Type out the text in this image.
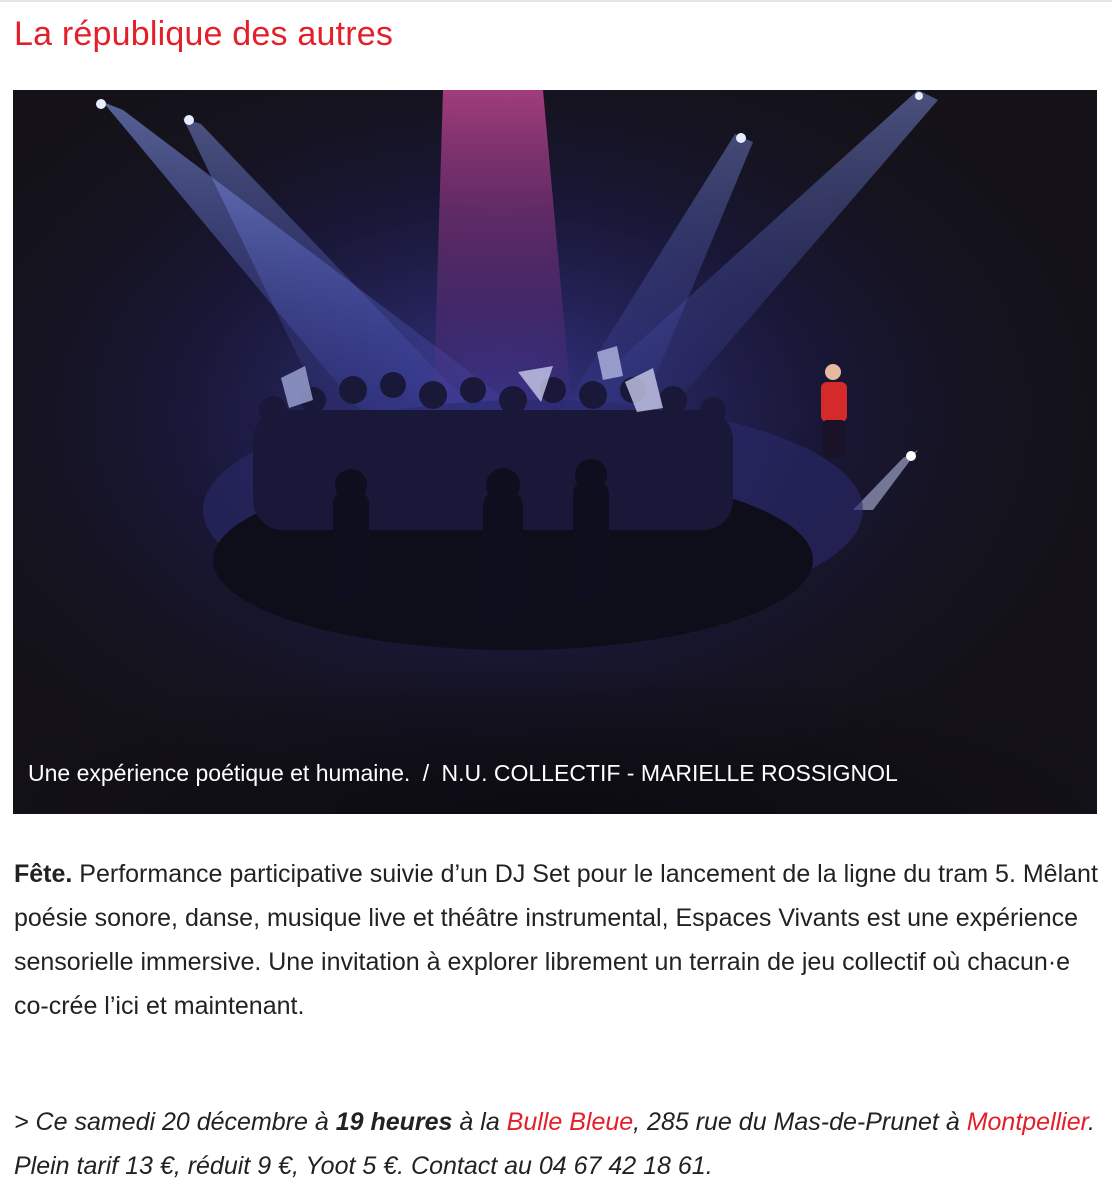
La république des autres
Une expérience poétique et humaine. / N.U. COLLECTIF - MARIELLE ROSSIGNOL

Fête. Performance participative suivie d’un DJ Set pour le lancement de la ligne du tram 5. Mêlant poésie sonore, danse, musique live et théâtre instrumental, Espaces Vivants est une expérience sensorielle immersive. Une invitation à explorer librement un terrain de jeu collectif où chacun·e co-crée l’ici et maintenant.

> Ce samedi 20 décembre à 19 heures à la Bulle Bleue, 285 rue du Mas-de-Prunet à Montpellier. Plein tarif 13 €, réduit 9 €, Yoot 5 €. Contact au 04 67 42 18 61.
